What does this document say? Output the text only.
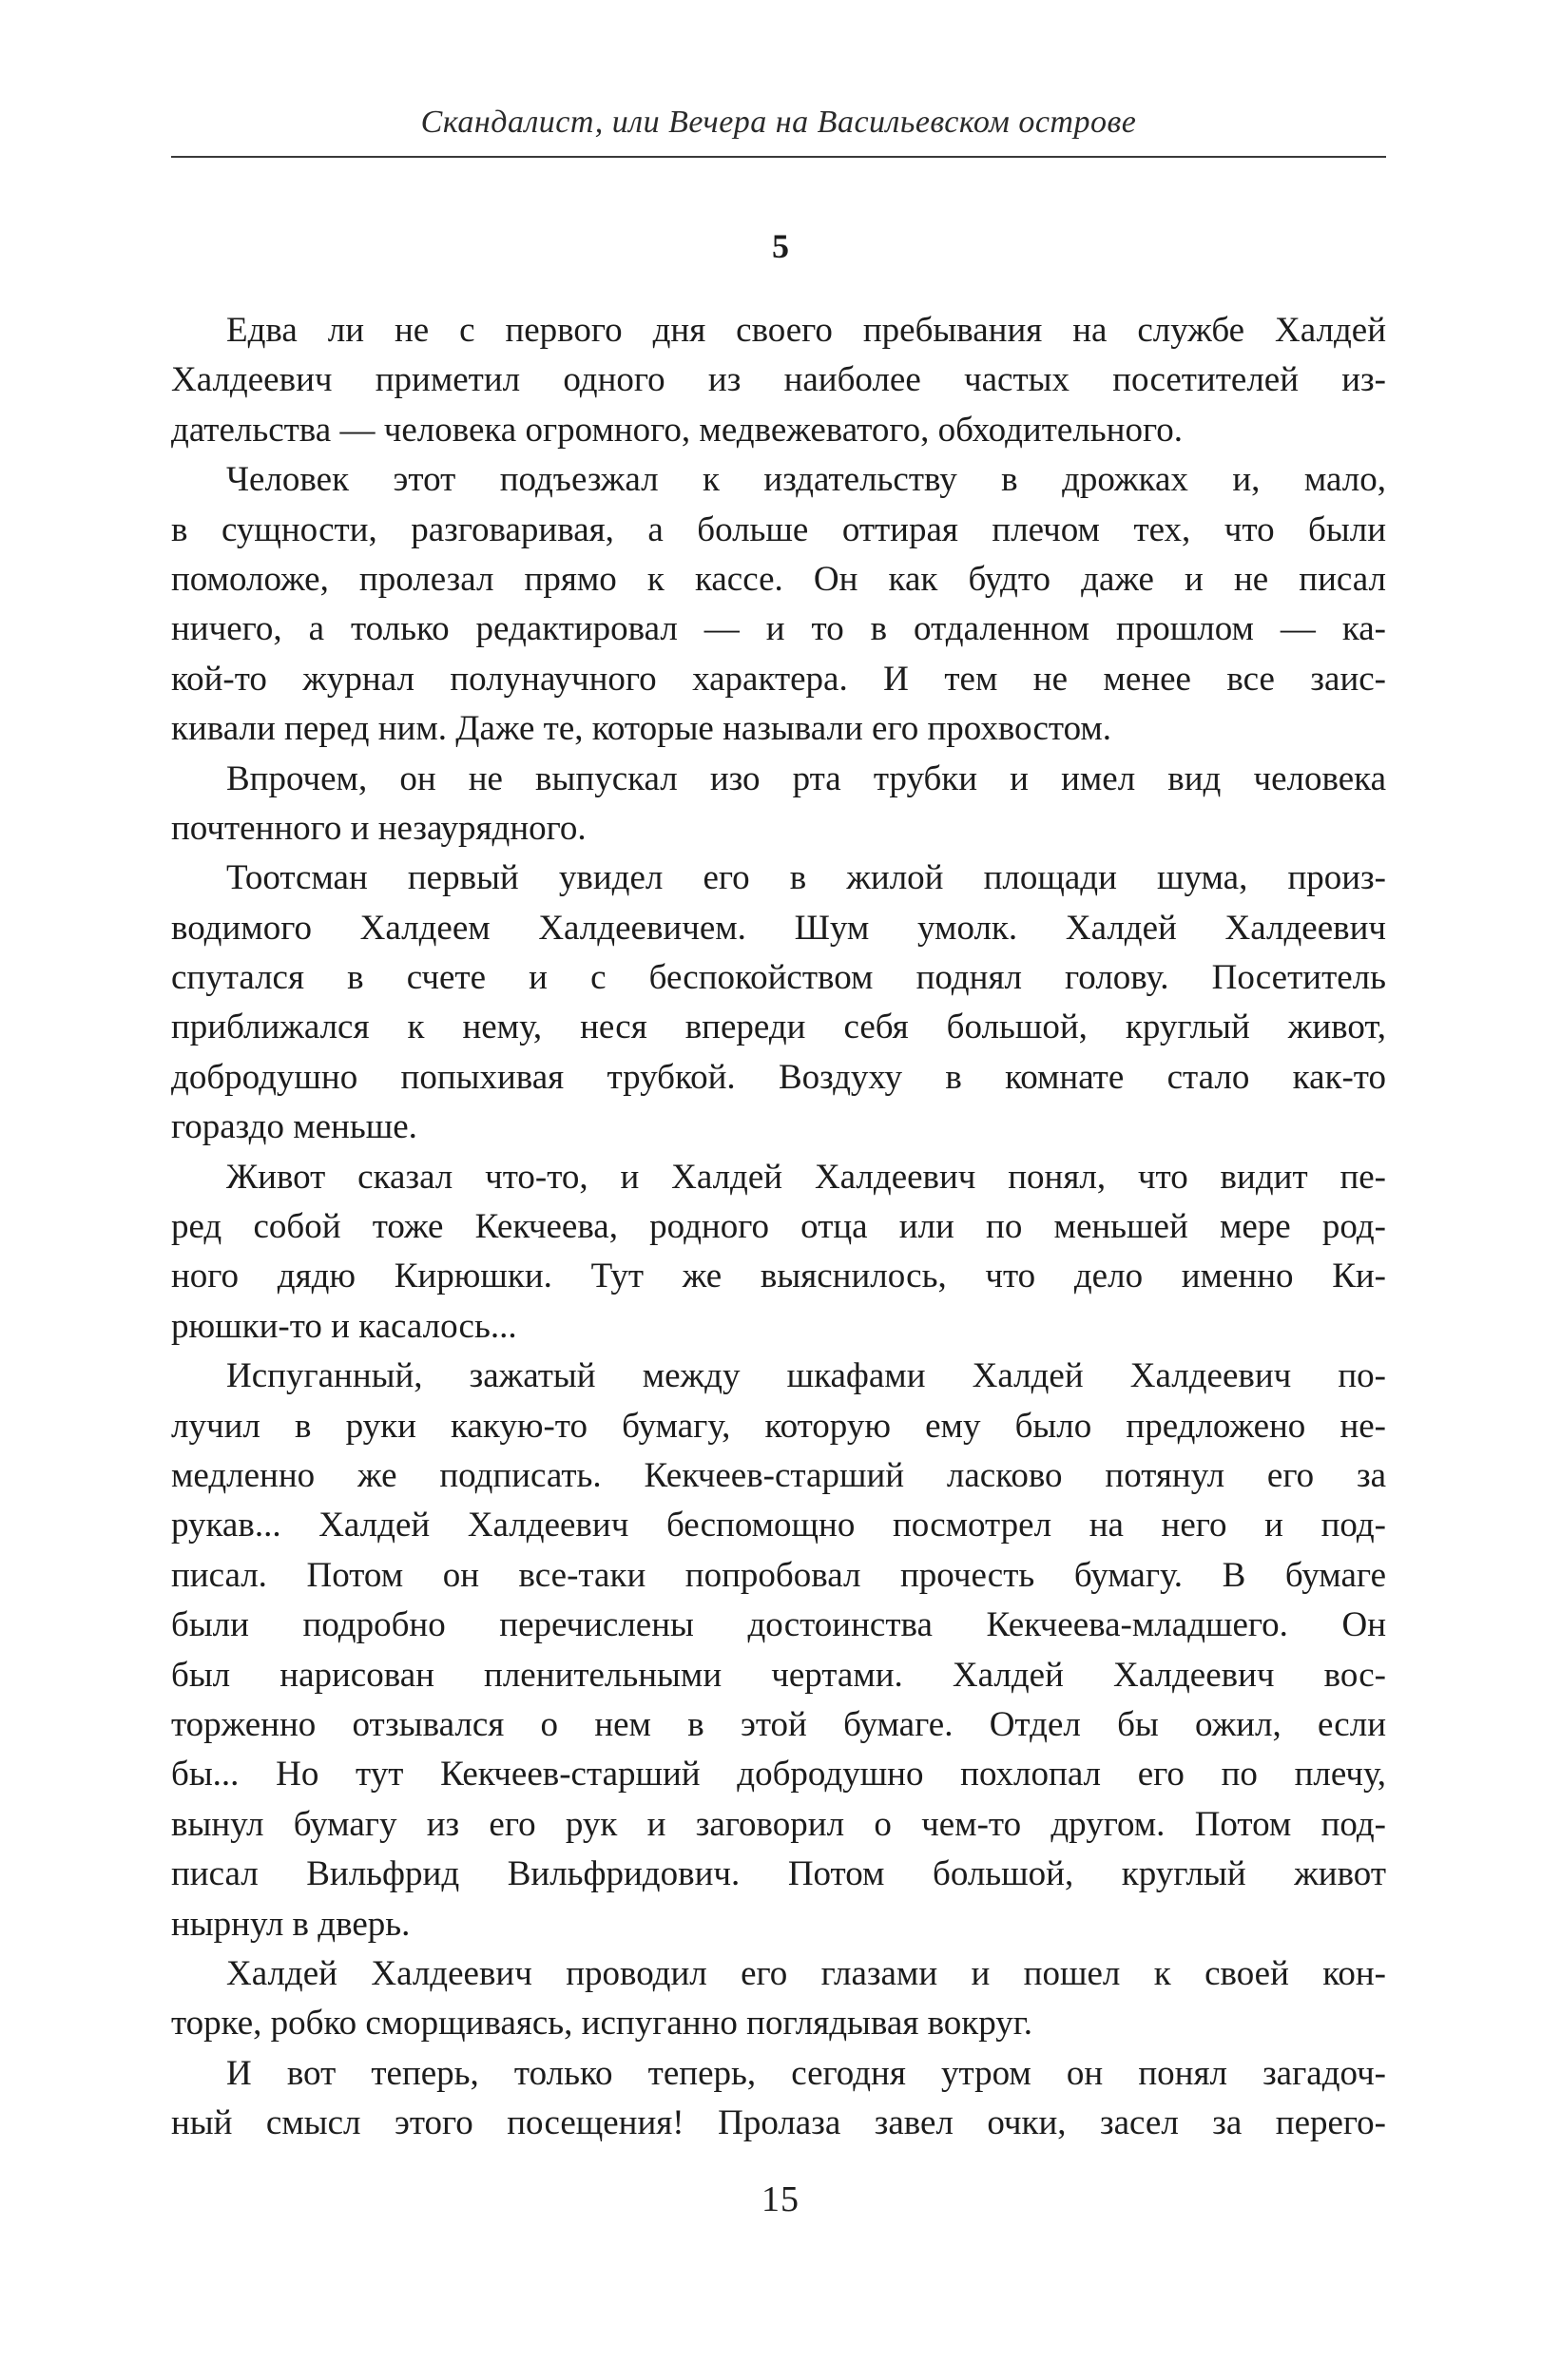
Скандалист, или Вечера на Васильевском острове
5
Едва ли не с первого дня своего пребывания на службе Халдей
Халдеевич приметил одного из наиболее частых посетителей из-
дательства — человека огромного, медвежеватого, обходительного.
Человек этот подъезжал к издательству в дрожках и, мало,
в сущности, разговаривая, а больше оттирая плечом тех, что были
помоложе, пролезал прямо к кассе. Он как будто даже и не писал
ничего, а только редактировал — и то в отдаленном прошлом — ка-
кой-то журнал полунаучного характера. И тем не менее все заис-
кивали перед ним. Даже те, которые называли его прохвостом.
Впрочем, он не выпускал изо рта трубки и имел вид человека
почтенного и незаурядного.
Тоотсман первый увидел его в жилой площади шума, произ-
водимого Халдеем Халдеевичем. Шум умолк. Халдей Халдеевич
спутался в счете и с беспокойством поднял голову. Посетитель
приближался к нему, неся впереди себя большой, круглый живот,
добродушно попыхивая трубкой. Воздуху в комнате стало как-то
гораздо меньше.
Живот сказал что-то, и Халдей Халдеевич понял, что видит пе-
ред собой тоже Кекчеева, родного отца или по меньшей мере род-
ного дядю Кирюшки. Тут же выяснилось, что дело именно Ки-
рюшки-то и касалось...
Испуганный, зажатый между шкафами Халдей Халдеевич по-
лучил в руки какую-то бумагу, которую ему было предложено не-
медленно же подписать. Кекчеев-старший ласково потянул его за
рукав... Халдей Халдеевич беспомощно посмотрел на него и под-
писал. Потом он все-таки попробовал прочесть бумагу. В бумаге
были подробно перечислены достоинства Кекчеева-младшего. Он
был нарисован пленительными чертами. Халдей Халдеевич вос-
торженно отзывался о нем в этой бумаге. Отдел бы ожил, если
бы... Но тут Кекчеев-старший добродушно похлопал его по плечу,
вынул бумагу из его рук и заговорил о чем-то другом. Потом под-
писал Вильфрид Вильфридович. Потом большой, круглый живот
нырнул в дверь.
Халдей Халдеевич проводил его глазами и пошел к своей кон-
торке, робко сморщиваясь, испуганно поглядывая вокруг.
И вот теперь, только теперь, сегодня утром он понял загадоч-
ный смысл этого посещения! Пролаза завел очки, засел за перего-
15
